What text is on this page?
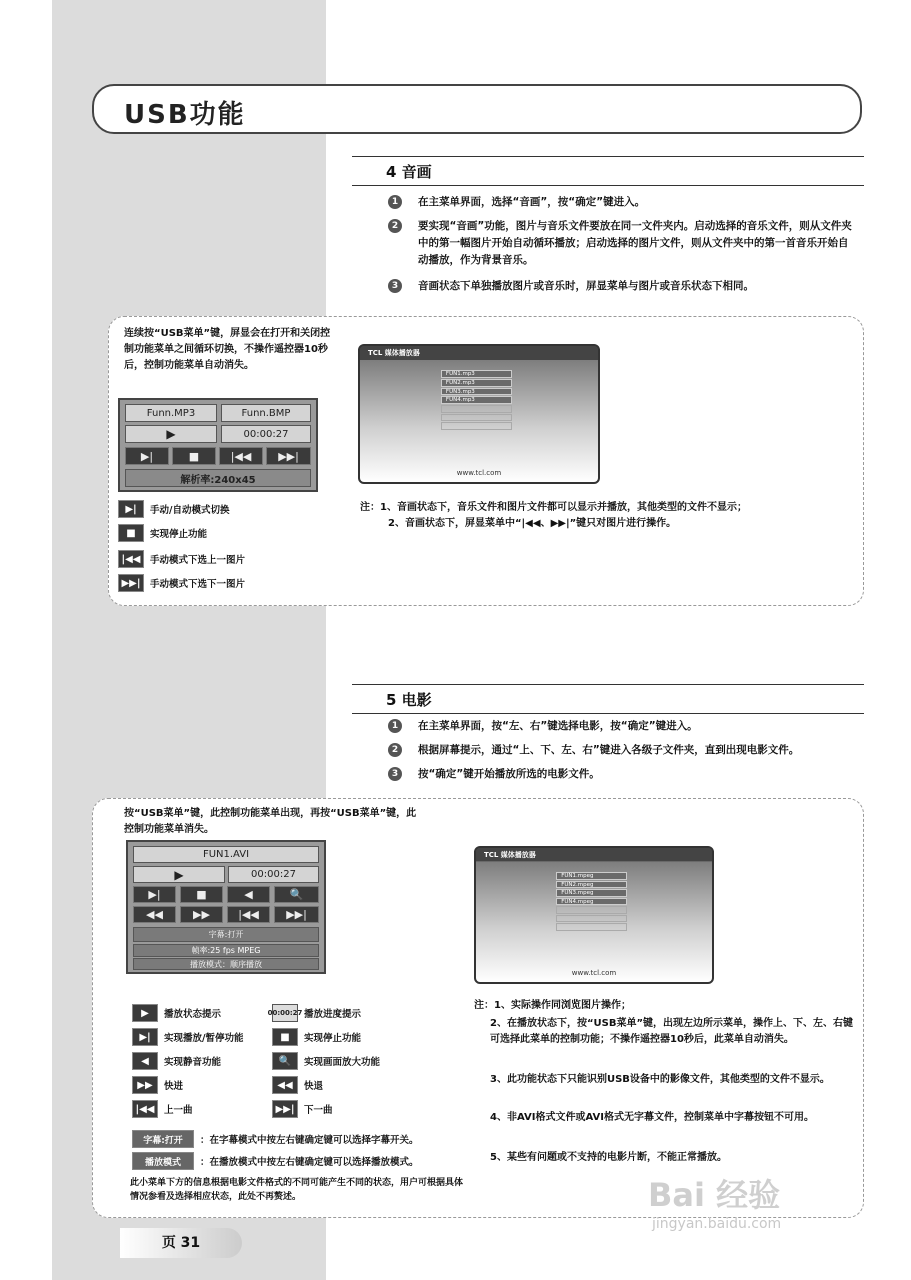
USB功能
4 音画
1	在主菜单界面，选择“音画”，按“确定”键进入。
2	要实现“音画”功能，图片与音乐文件要放在同一文件夹内。启动选择的音乐文件，则从文件夹中的第一幅图片开始自动循环播放；启动选择的图片文件，则从文件夹中的第一首音乐开始自动播放，作为背景音乐。
3	音画状态下单独播放图片或音乐时，屏显菜单与图片或音乐状态下相同。
连续按“USB菜单”键，屏显会在打开和关闭控制功能菜单之间循环切换，不操作遥控器10秒后，控制功能菜单自动消失。
Funn.MP3	Funn.BMP
▶	00:00:27
▶|	■	|◀◀	▶▶|
解析率:240x45
▶|	手动/自动模式切换
■	实现停止功能
|◀◀ 手动模式下选上一图片
▶▶| 手动模式下选下一图片
TCL 媒体播放器
FUN1.mp3
FUN2.mp3
FUN3.mp3
FUN4.mp3
www.tcl.com
注：1、音画状态下，音乐文件和图片文件都可以显示并播放，其他类型的文件不显示；
2、音画状态下，屏显菜单中“|◀◀、▶▶|”键只对图片进行操作。
5 电影
1	在主菜单界面，按“左、右”键选择电影，按“确定”键进入。
2	根据屏幕提示，通过“上、下、左、右”键进入各级子文件夹，直到出现电影文件。
3	按“确定”键开始播放所选的电影文件。
按“USB菜单”键，此控制功能菜单出现，再按“USB菜单”键，此控制功能菜单消失。
FUN1.AVI
▶	00:00:27
▶|	■	◀	🔍
◀◀	▶▶	|◀◀	▶▶|
字幕:打开
帧率:25 fps MPEG
播放模式：顺序播放
▶	播放状态提示	00:00:27 播放进度提示
▶|	实现播放/暂停功能	■	实现停止功能
◀	实现静音功能	🔍	实现画面放大功能
▶▶	快进	◀◀	快退
|◀◀ 上一曲	▶▶| 下一曲
字幕:打开	：在字幕模式中按左右键确定键可以选择字幕开关。
播放模式	：在播放模式中按左右键确定键可以选择播放模式。
此小菜单下方的信息根据电影文件格式的不同可能产生不同的状态，用户可根据具体情况参看及选择相应状态，此处不再赘述。
TCL 媒体播放器
FUN1.mpeg
FUN2.mpeg
FUN3.mpeg
FUN4.mpeg
www.tcl.com
注：1、实际操作同浏览图片操作；
2、在播放状态下，按“USB菜单”键，出现左边所示菜单，操作上、下、左、右键可选择此菜单的控制功能；不操作遥控器10秒后，此菜单自动消失。
3、此功能状态下只能识别USB设备中的影像文件，其他类型的文件不显示。
4、非AVI格式文件或AVI格式无字幕文件，控制菜单中字幕按钮不可用。
5、某些有问题或不支持的电影片断，不能正常播放。
页 31
Bai 经验
jingyan.baidu.com
